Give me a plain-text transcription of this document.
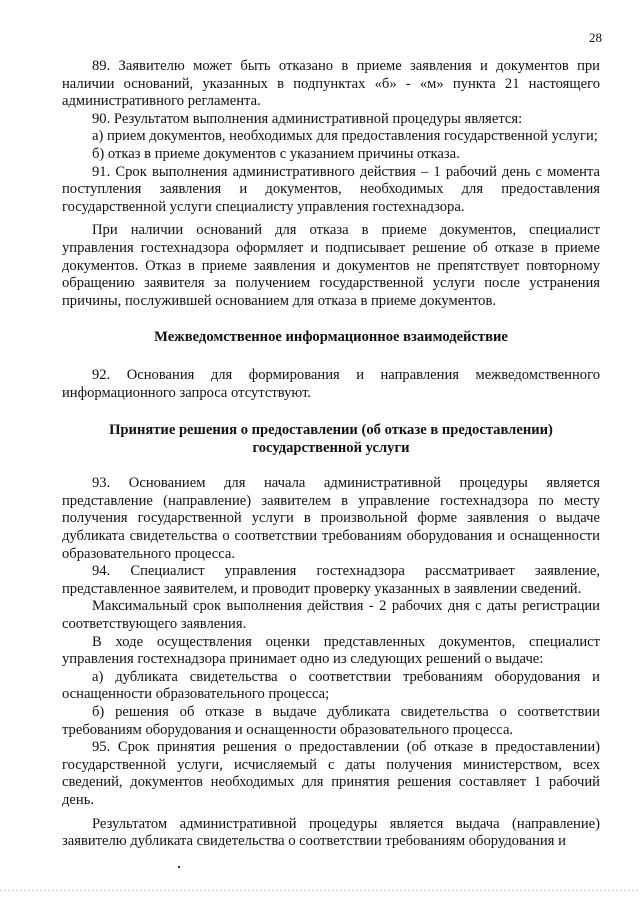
28

89. Заявителю может быть отказано в приеме заявления и документов при наличии оснований, указанных в подпунктах «б» - «м» пункта 21 настоящего административного регламента.

90. Результатом выполнения административной процедуры является:

а) прием документов, необходимых для предоставления государственной услуги;

б) отказ в приеме документов с указанием причины отказа.

91. Срок выполнения административного действия – 1 рабочий день с момента поступления заявления и документов, необходимых для предоставления государственной услуги специалисту управления гостехнадзора.

При наличии оснований для отказа в приеме документов, специалист управления гостехнадзора оформляет и подписывает решение об отказе в приеме документов. Отказ в приеме заявления и документов не препятствует повторному обращению заявителя за получением государственной услуги после устранения причины, послужившей основанием для отказа в приеме документов.

Межведомственное информационное взаимодействие

92. Основания для формирования и направления межведомственного информационного запроса отсутствуют.

Принятие решения о предоставлении (об отказе в предоставлении) государственной услуги

93. Основанием для начала административной процедуры является представление (направление) заявителем в управление гостехнадзора по месту получения государственной услуги в произвольной форме заявления о выдаче дубликата свидетельства о соответствии требованиям оборудования и оснащенности образовательного процесса.

94. Специалист управления гостехнадзора рассматривает заявление, представленное заявителем, и проводит проверку указанных в заявлении сведений.

Максимальный срок выполнения действия - 2 рабочих дня с даты регистрации соответствующего заявления.

В ходе осуществления оценки представленных документов, специалист управления гостехнадзора принимает одно из следующих решений о выдаче:

а) дубликата свидетельства о соответствии требованиям оборудования и оснащенности образовательного процесса;

б) решения об отказе в выдаче дубликата свидетельства о соответствии требованиям оборудования и оснащенности образовательного процесса.

95. Срок принятия решения о предоставлении (об отказе в предоставлении) государственной услуги, исчисляемый с даты получения министерством, всех сведений, документов необходимых для принятия решения составляет 1 рабочий день.

Результатом административной процедуры является выдача (направление) заявителю дубликата свидетельства о соответствии требованиям оборудования и
